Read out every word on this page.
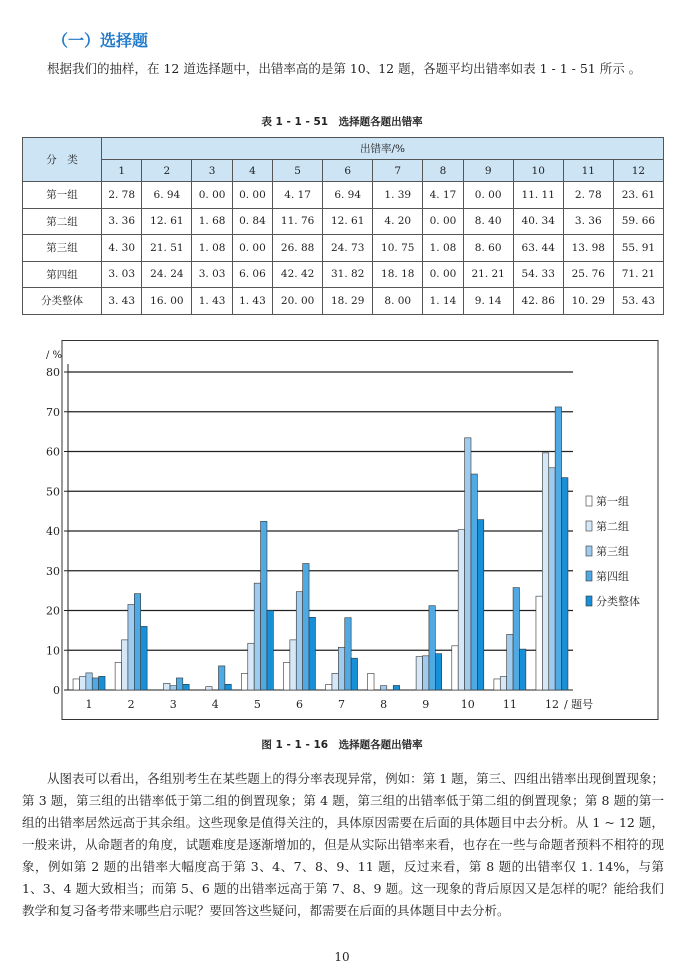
（一）选择题
根据我们的抽样，在 12 道选择题中，出错率高的是第 10、12 题，各题平均出错率如表 1 - 1 - 51 所示 。
表 1 - 1 - 51　选择题各题出错率
分　类	出错率/%											
	1	2	3	4	5	6	7	8	9	10	11	12
第一组	2. 78	6. 94	0. 00	0. 00	4. 17	6. 94	1. 39	4. 17	0. 00	11. 11	2. 78	23. 61
第二组	3. 36	12. 61	1. 68	0. 84	11. 76	12. 61	4. 20	0. 00	8. 40	40. 34	3. 36	59. 66
第三组	4. 30	21. 51	1. 08	0. 00	26. 88	24. 73	10. 75	1. 08	8. 60	63. 44	13. 98	55. 91
第四组	3. 03	24. 24	3. 03	6. 06	42. 42	31. 82	18. 18	0. 00	21. 21	54. 33	25. 76	71. 21
分类整体	3. 43	16. 00	1. 43	1. 43	20. 00	18. 29	8. 00	1. 14	9. 14	42. 86	10. 29	53. 43
0
10
20
30
40
50
60
70
80
/ %
1	2	3	4	5	6	7	8	9	10	11	12 / 题号
第一组
第二组
第三组
第四组
分类整体
图 1 - 1 - 16　选择题各题出错率
从图表可以看出，各组别考生在某些题上的得分率表现异常，例如：第 1 题，第三、四组出错率出现倒置现象；第 3 题，第三组的出错率低于第二组的倒置现象；第 4 题，第三组的出错率低于第二组的倒置现象；第 8 题的第一组的出错率居然远高于其余组。这些现象是值得关注的，具体原因需要在后面的具体题目中去分析。从 1 ~ 12 题，一般来讲，从命题者的角度，试题难度是逐渐增加的，但是从实际出错率来看，也存在一些与命题者预料不相符的现象，例如第 2 题的出错率大幅度高于第 3、4、7、8、9、11 题，反过来看，第 8 题的出错率仅 1. 14%，与第 1、3、4 题大致相当；而第 5、6 题的出错率远高于第 7、8、9 题。这一现象的背后原因又是怎样的呢？能给我们教学和复习备考带来哪些启示呢？要回答这些疑问，都需要在后面的具体题目中去分析。
10
